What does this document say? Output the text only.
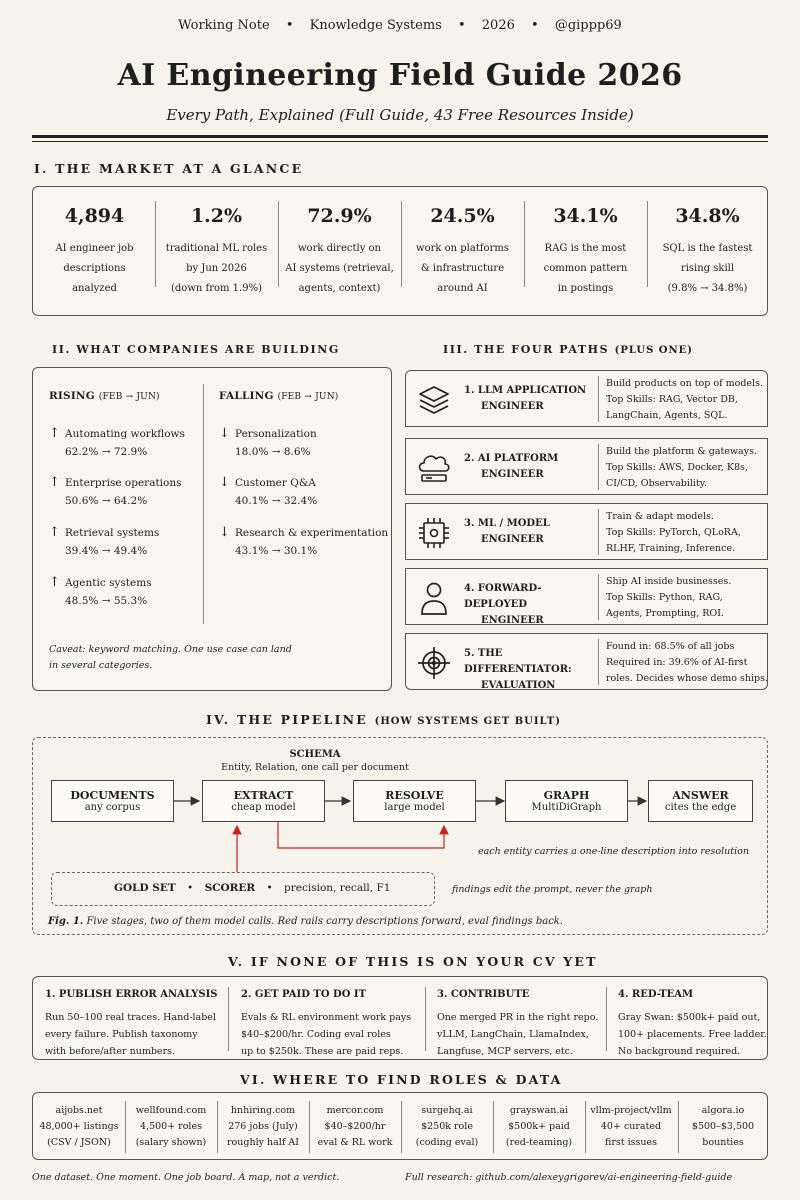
Working Note • Knowledge Systems • 2026 • @gippp69
AI Engineering Field Guide 2026
Every Path, Explained (Full Guide, 43 Free Resources Inside)
I. THE MARKET AT A GLANCE
4,894
AI engineer job
descriptions
analyzed
1.2%
traditional ML roles
by Jun 2026
(down from 1.9%)
72.9%
work directly on
AI systems (retrieval,
agents, context)
24.5%
work on platforms
& infrastructure
around AI
34.1%
RAG is the most
common pattern
in postings
34.8%
SQL is the fastest
rising skill
(9.8% → 34.8%)
II. WHAT COMPANIES ARE BUILDING
RISING (FEB → JUN)	FALLING (FEB → JUN)
↑ Automating workflows
62.2% → 72.9%
↑ Enterprise operations
50.6% → 64.2%
↑ Retrieval systems
39.4% → 49.4%
↑ Agentic systems
48.5% → 55.3%
↓ Personalization
18.0% → 8.6%
↓ Customer Q&A
40.1% → 32.4%
↓ Research & experimentation
43.1% → 30.1%
Caveat: keyword matching. One use case can land
in several categories.
III. THE FOUR PATHS (PLUS ONE)
1. LLM APPLICATION
ENGINEER
Build products on top of models.
Top Skills: RAG, Vector DB,
LangChain, Agents, SQL.
2. AI PLATFORM
ENGINEER
Build the platform & gateways.
Top Skills: AWS, Docker, K8s,
CI/CD, Observability.
3. ML / MODEL
ENGINEER
Train & adapt models.
Top Skills: PyTorch, QLoRA,
RLHF, Training, Inference.
4. FORWARD-DEPLOYED
ENGINEER
Ship AI inside businesses.
Top Skills: Python, RAG,
Agents, Prompting, ROI.
5. THE DIFFERENTIATOR:
EVALUATION
Found in: 68.5% of all jobs
Required in: 39.6% of AI-first
roles. Decides whose demo ships.
IV. THE PIPELINE (HOW SYSTEMS GET BUILT)
SCHEMA
Entity, Relation, one call per document
DOCUMENTS
any corpus
EXTRACT
cheap model
RESOLVE
large model
GRAPH
MultiDiGraph
ANSWER
cites the edge
each entity carries a one-line description into resolution
GOLD SET • SCORER • precision, recall, F1	findings edit the prompt, never the graph
Fig. 1. Five stages, two of them model calls. Red rails carry descriptions forward, eval findings back.
V. IF NONE OF THIS IS ON YOUR CV YET
1. PUBLISH ERROR ANALYSIS
Run 50–100 real traces. Hand-label
every failure. Publish taxonomy
with before/after numbers.
2. GET PAID TO DO IT
Evals & RL environment work pays
$40–$200/hr. Coding eval roles
up to $250k. These are paid reps.
3. CONTRIBUTE
One merged PR in the right repo.
vLLM, LangChain, LlamaIndex,
Langfuse, MCP servers, etc.
4. RED-TEAM
Gray Swan: $500k+ paid out,
100+ placements. Free ladder.
No background required.
VI. WHERE TO FIND ROLES & DATA
aijobs.net
48,000+ listings
(CSV / JSON)
wellfound.com
4,500+ roles
(salary shown)
hnhiring.com
276 jobs (July)
roughly half AI
mercor.com
$40–$200/hr
eval & RL work
surgehq.ai
$250k role
(coding eval)
grayswan.ai
$500k+ paid
(red-teaming)
vllm-project/vllm
40+ curated
first issues
algora.io
$500–$3,500
bounties
One dataset. One moment. One job board. A map, not a verdict.	Full research: github.com/alexeygrigorev/ai-engineering-field-guide
